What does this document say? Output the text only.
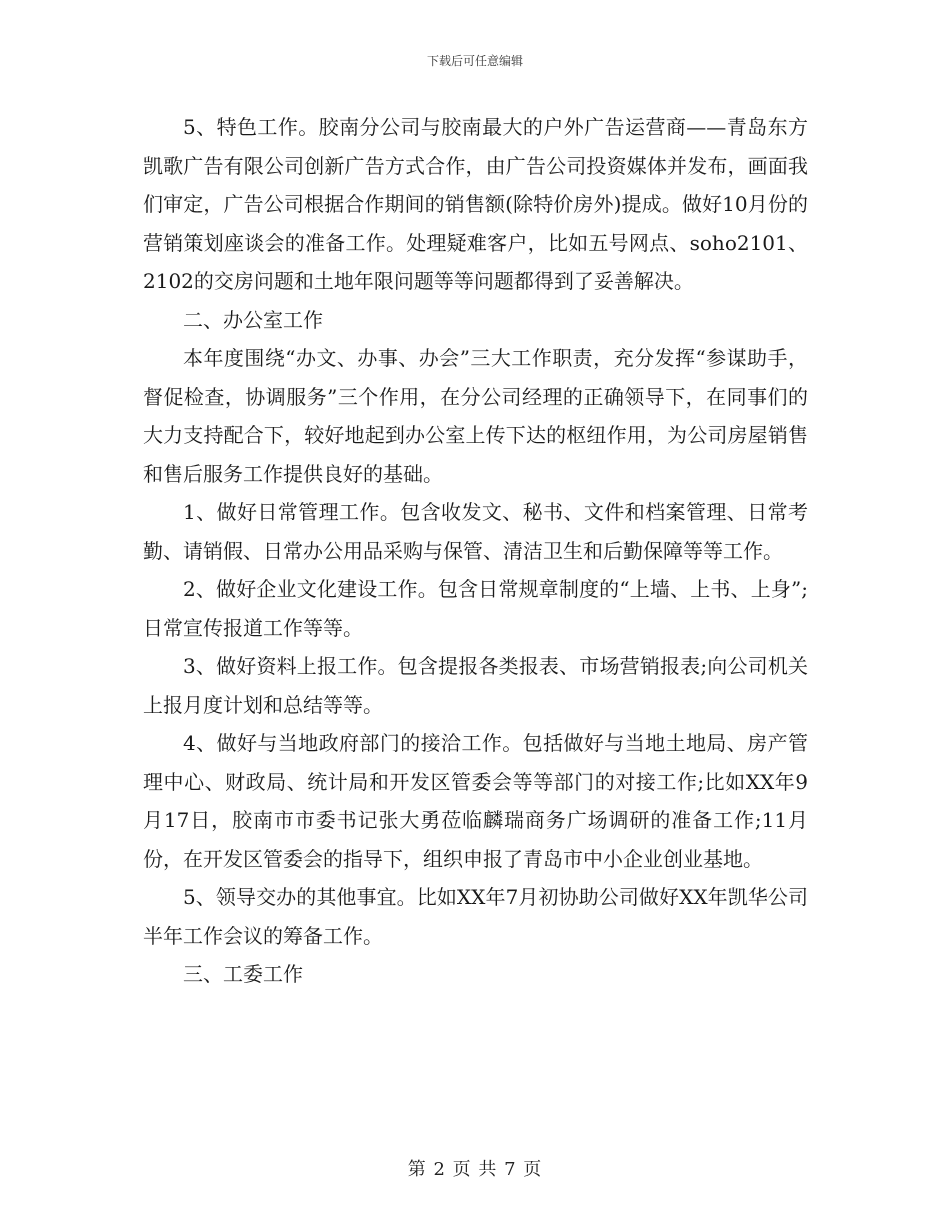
下载后可任意编辑

5、特色工作。胶南分公司与胶南最大的户外广告运营商——青岛东方凯歌广告有限公司创新广告方式合作，由广告公司投资媒体并发布，画面我们审定，广告公司根据合作期间的销售额(除特价房外)提成。做好10月份的营销策划座谈会的准备工作。处理疑难客户，比如五号网点、soho2101、2102的交房问题和土地年限问题等等问题都得到了妥善解决。

二、办公室工作

本年度围绕“办文、办事、办会”三大工作职责，充分发挥“参谋助手，督促检查，协调服务”三个作用，在分公司经理的正确领导下，在同事们的大力支持配合下，较好地起到办公室上传下达的枢纽作用，为公司房屋销售和售后服务工作提供良好的基础。

1、做好日常管理工作。包含收发文、秘书、文件和档案管理、日常考勤、请销假、日常办公用品采购与保管、清洁卫生和后勤保障等等工作。

2、做好企业文化建设工作。包含日常规章制度的“上墙、上书、上身”;日常宣传报道工作等等。

3、做好资料上报工作。包含提报各类报表、市场营销报表;向公司机关上报月度计划和总结等等。

4、做好与当地政府部门的接洽工作。包括做好与当地土地局、房产管理中心、财政局、统计局和开发区管委会等等部门的对接工作;比如XX年9月17日，胶南市市委书记张大勇莅临麟瑞商务广场调研的准备工作;11月份，在开发区管委会的指导下，组织申报了青岛市中小企业创业基地。

5、领导交办的其他事宜。比如XX年7月初协助公司做好XX年凯华公司半年工作会议的筹备工作。

三、工委工作

第 2 页 共 7 页
